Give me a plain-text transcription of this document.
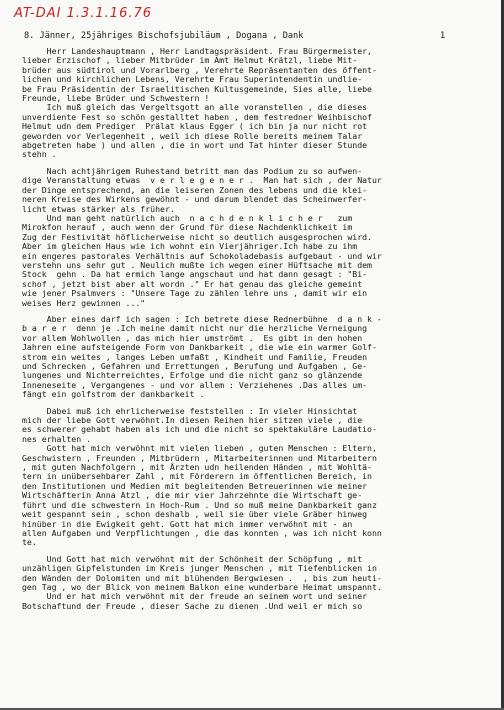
AT-DAI 1.3.1.16.76
8. Jänner, 25jähriges Bischofsjubiläum , Dogana , Dank	1

Herr Landeshauptmann , Herr Landtagspräsident. Frau Bürgermeister,
lieber Erzischof , lieber Mitbrüder im Amt Helmut Krätzl, liebe Mit-
brüder aus südtirol und Vorarlberg , Verehrte Repräsentanten des öffent-
lichen und kirchlichen Lebens, Verehrte Frau Superintendentin undlie-
be Frau Präsidentin der Israelitischen Kultusgemeinde, Sies alle, liebe
Freunde, liebe Brüder und Schwestern !
Ich muß gleich das Vergeltsgott an alle voranstellen , die dieses
unverdiente Fest so schön gestalltet haben , dem festredner Weihbischof
Helmut udn dem Prediger  Prälat klaus Egger ( ich bin ja nur nicht rot
geworden vor Verlegenheit , weil ich diese Rolle bereits meinem Talar
abgetreten habe ) und allen , die in wort und Tat hinter dieser Stunde
stehn .

Nach achtjährigem Ruhestand betritt man das Podium zu so aufwen-
dige Veranstaltung etwas  v e r l e g e n e r .  Man hat sich , der Natur
der Dinge entsprechend, an die leiseren Zonen des lebens und die klei-
neren Kreise des Wirkens gewöhnt - und darum blendet das Scheinwerfer-
licht etwas stärker als früher.
Und man geht natürlich auch  n a c h d e n k l i c h e r   zum
Mirokfon herauf , auch wenn der Grund für diese Nachdenklichkeit im
Zug der Festivität höflicherweise nicht so deutlich ausgesprochen wird.
Aber im gleichen Haus wie ich wohnt ein Vierjähriger.Ich habe zu ihm
ein engeres pastorales Verhältnis auf Schokoladebasis aufgebaut - und wir
verstehn uns sehr gut . Neulich mußte ich wegen einer Hüftsache mit dem
Stock  gehn . Da hat ermich lange angschaut und hat dann gesagt : "Bi-
schof , jetzt bist aber alt wordn ." Er hat genau das gleiche gemeint
wie jener Psalmvers : "Unsere Tage zu zählen lehre uns , damit wir ein
weises Herz gewinnen ..."

Aber eines darf ich sagen : Ich betrete diese Rednerbühne  d a n k -
b a r e r  denn je .Ich meine damit nicht nur die herzliche Verneigung
vor allem Wohlwollen , das mich hier umströmt .  Es gibt in den hohen
Jahren eine aufsteigende Form von Dankbarkeit , die wie ein warmer Golf-
strom ein weites , langes Leben umfaßt , Kindheit und Familie, Freuden
und Schrecken , Gefahren und Errettungen , Berufung und Aufgaben , Ge-
lungenes und Nichterreichtes, Erfolge und die nicht ganz so glänzende
Inneneseite , Vergangenes - und vor allem : Verziehenes .Das alles um-
fängt ein golfstrom der dankbarkeit .

Dabei muß ich ehrlicherweise feststellen : In vieler Hinsichtat
mich der liebe Gott verwöhnt.In diesen Reihen hier sitzen viele , die
es schwerer gehabt haben als ich und die nicht so spektakuläre Laudatio-
nes erhalten .
Gott hat mich verwöhnt mit vielen lieben , guten Menschen : Eltern,
Geschwistern , Freunden , Mitbrüdern , Mitarbeiterinnen und Mitarbeitern
, mit guten Nachfolgern , mit Ärzten udn heilenden Händen , mit Wohltä-
tern in unübersehbarer Zahl , mit Förderern im öffentlichen Bereich, in
den Institutionen und Medien mit begleitenden Betreuerinnen wie meiner
Wirtschäfterin Anna Atzl , die mir vier Jahrzehnte die Wirtschaft ge-
führt und die schwestern in Hoch-Rum . Und so muß meine Dankbarkeit ganz
weit gespannt sein , schon deshalb , weil sie über viele Gräber hinweg
hinüber in die Ewigkeit geht. Gott hat mich immer verwöhnt mit - an
allen Aufgaben und Verpflichtungen , die das konnten , was ich nicht konn
te.

Und Gott hat mich verwöhnt mit der Schönheit der Schöpfung , mit
unzähligen Gipfelstunden im Kreis junger Menschen , mit Tiefenblicken in
den Wänden der Dolomiten und mit blühenden Bergwiesen .  , bis zum heuti-
gen Tag , wo der Blick von meinem Balkon eine wunderbare Heimat umspannt.
Und er hat mich verwöhnt mit der freude an seinem wort und seiner
Botschaftund der Freude , dieser Sache zu dienen .Und weil er mich so
